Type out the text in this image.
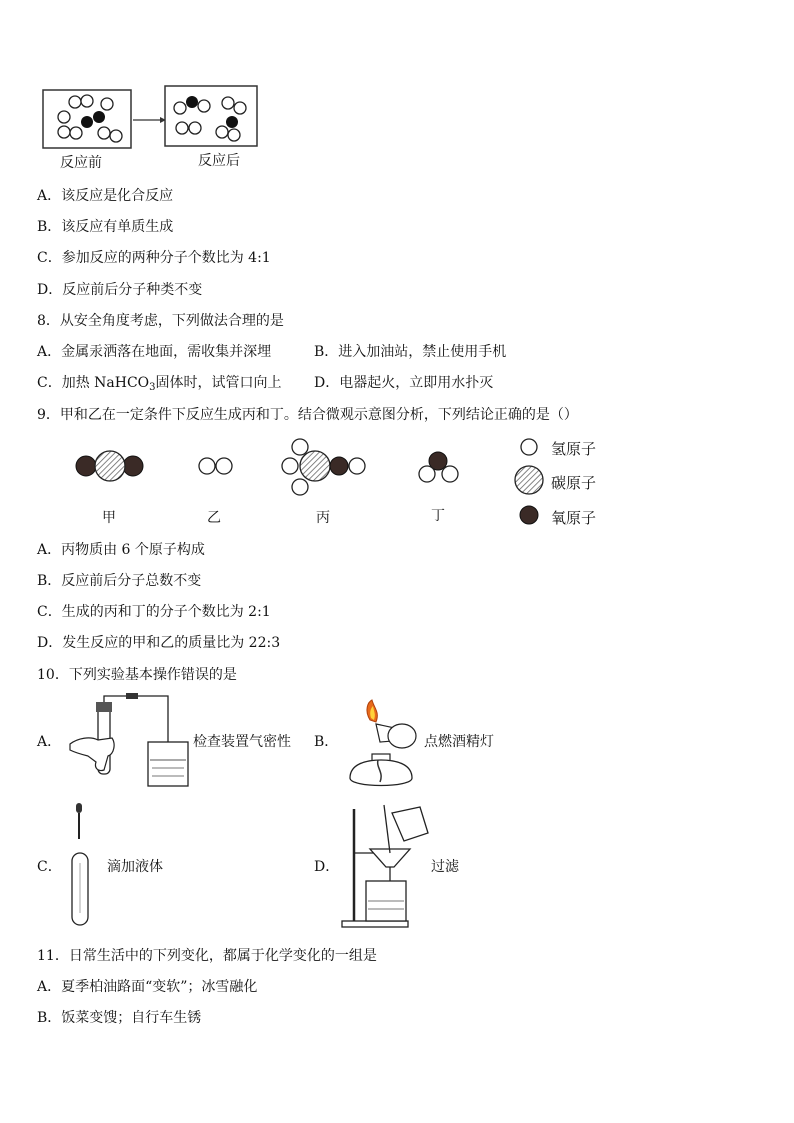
反应前	反应后
A．该反应是化合反应
B．该反应有单质生成
C．参加反应的两种分子个数比为 4:1
D．反应前后分子种类不变
8．从安全角度考虑，下列做法合理的是
A．金属汞洒落在地面，需收集并深埋	B．进入加油站，禁止使用手机
C．加热 NaHCO$_3$固体时，试管口向上 D．电器起火，立即用水扑灭
9．甲和乙在一定条件下反应生成丙和丁。结合微观示意图分析，下列结论正确的是（）
甲	乙	丙	丁
氢原子
碳原子
氧原子
A．丙物质由 6 个原子构成
B．反应前后分子总数不变
C．生成的丙和丁的分子个数比为 2:1
D．发生反应的甲和乙的质量比为 22:3
10．下列实验基本操作错误的是
A．	检查装置气密性 B．	点燃酒精灯
C．	滴加液体	D．	过滤
11．日常生活中的下列变化，都属于化学变化的一组是
A．夏季柏油路面“变软”；冰雪融化
B．饭菜变馊；自行车生锈
